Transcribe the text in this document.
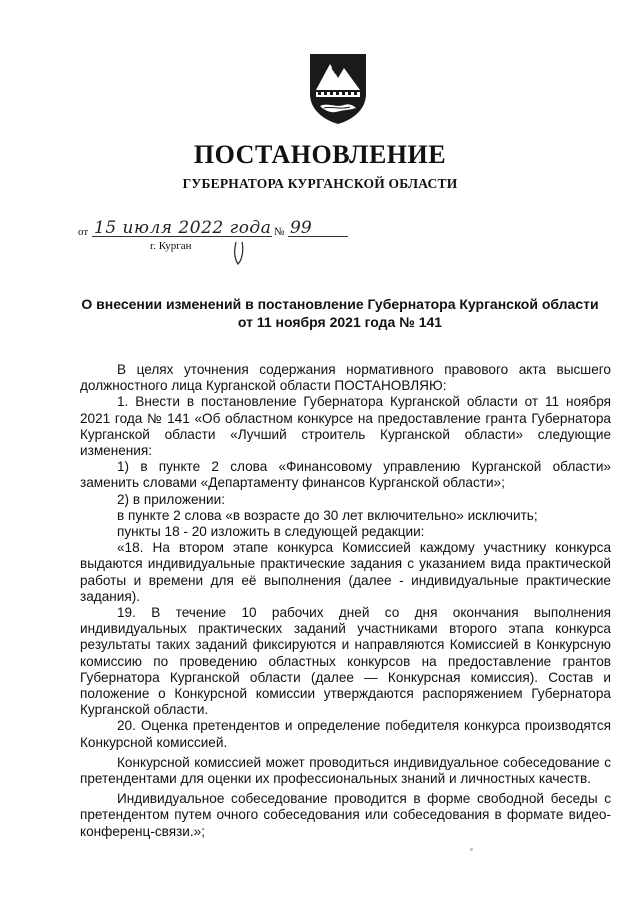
ПОСТАНОВЛЕНИЕ
ГУБЕРНАТОРА КУРГАНСКОЙ ОБЛАСТИ
от 15 июля 2022 года № 99
г. Курган
О внесении изменений в постановление Губернатора Курганской области
от 11 ноября 2021 года № 141

В целях уточнения содержания нормативного правового акта высшего должностного лица Курганской области ПОСТАНОВЛЯЮ:

1. Внести в постановление Губернатора Курганской области от 11 ноября 2021 года № 141 «Об областном конкурсе на предоставление гранта Губернатора Курганской области «Лучший строитель Курганской области» следующие изменения:

1) в пункте 2 слова «Финансовому управлению Курганской области» заменить словами «Департаменту финансов Курганской области»;

2) в приложении:

в пункте 2 слова «в возрасте до 30 лет включительно» исключить;

пункты 18 - 20 изложить в следующей редакции:

«18. На втором этапе конкурса Комиссией каждому участнику конкурса выдаются индивидуальные практические задания с указанием вида практической работы и времени для её выполнения (далее - индивидуальные практические задания).

19. В течение 10 рабочих дней со дня окончания выполнения индивидуальных практических заданий участниками второго этапа конкурса результаты таких заданий фиксируются и направляются Комиссией в Конкурсную комиссию по проведению областных конкурсов на предоставление грантов Губернатора Курганской области (далее — Конкурсная комиссия). Состав и положение о Конкурсной комиссии утверждаются распоряжением Губернатора Курганской области.

20. Оценка претендентов и определение победителя конкурса производятся Конкурсной комиссией.

Конкурсной комиссией может проводиться индивидуальное собеседование с претендентами для оценки их профессиональных знаний и личностных качеств.

Индивидуальное собеседование проводится в форме свободной беседы с претендентом путем очного собеседования или собеседования в формате видео-конференц-связи.»;
